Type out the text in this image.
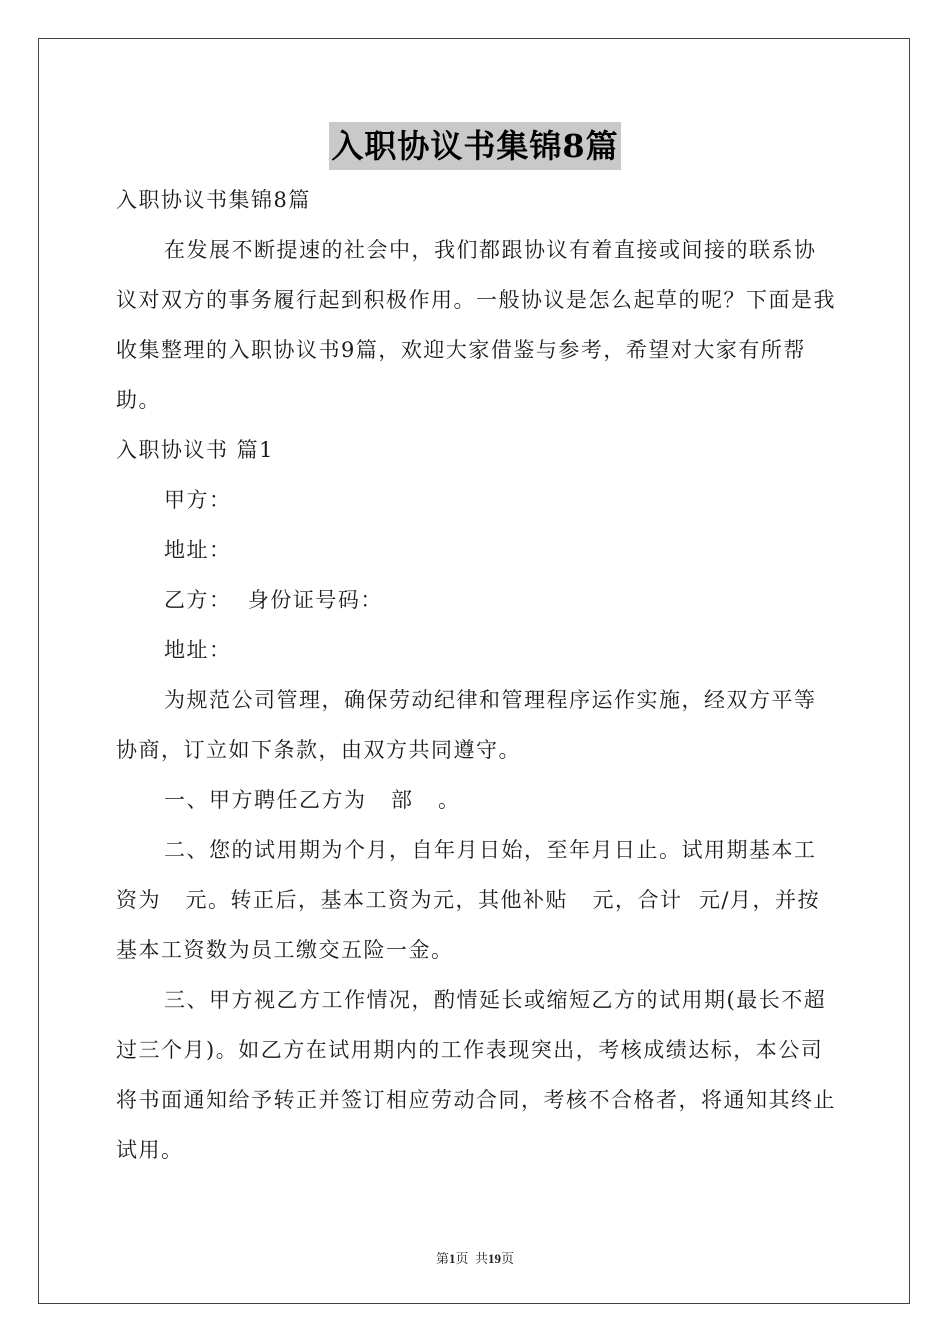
入职协议书集锦8篇

入职协议书集锦8篇

在发展不断提速的社会中，我们都跟协议有着直接或间接的联系协议对双方的事务履行起到积极作用。一般协议是怎么起草的呢？下面是我收集整理的入职协议书9篇，欢迎大家借鉴与参考，希望对大家有所帮助。

入职协议书 篇1

甲方：

地址：

乙方：  身份证号码：

地址：

为规范公司管理，确保劳动纪律和管理程序运作实施，经双方平等协商，订立如下条款，由双方共同遵守。

一、甲方聘任乙方为   部   。

二、您的试用期为个月，自年月日始，至年月日止。试用期基本工资为   元。转正后，基本工资为元，其他补贴   元，合计  元/月，并按基本工资数为员工缴交五险一金。

三、甲方视乙方工作情况，酌情延长或缩短乙方的试用期(最长不超过三个月)。如乙方在试用期内的工作表现突出，考核成绩达标，本公司将书面通知给予转正并签订相应劳动合同，考核不合格者，将通知其终止试用。

第1页  共19页
